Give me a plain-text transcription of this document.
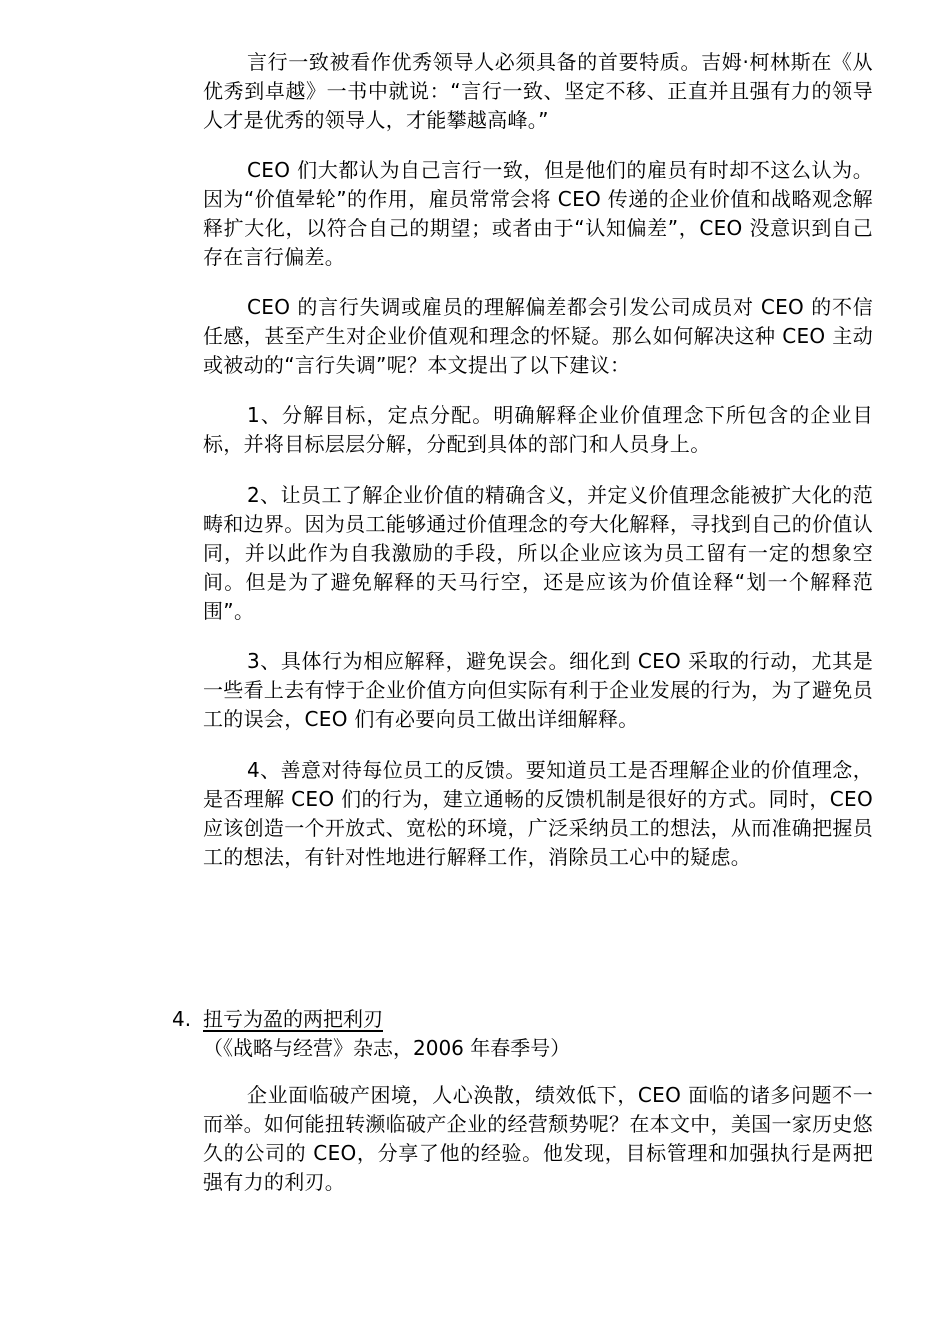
言行一致被看作优秀领导人必须具备的首要特质。吉姆·柯林斯在《从优秀到卓越》一书中就说：“言行一致、坚定不移、正直并且强有力的领导人才是优秀的领导人，才能攀越高峰。”

CEO 们大都认为自己言行一致，但是他们的雇员有时却不这么认为。因为“价值晕轮”的作用，雇员常常会将 CEO 传递的企业价值和战略观念解释扩大化，以符合自己的期望；或者由于“认知偏差”，CEO 没意识到自己存在言行偏差。

CEO 的言行失调或雇员的理解偏差都会引发公司成员对 CEO 的不信任感，甚至产生对企业价值观和理念的怀疑。那么如何解决这种 CEO 主动或被动的“言行失调”呢？本文提出了以下建议：

1、分解目标，定点分配。明确解释企业价值理念下所包含的企业目标，并将目标层层分解，分配到具体的部门和人员身上。

2、让员工了解企业价值的精确含义，并定义价值理念能被扩大化的范畴和边界。因为员工能够通过价值理念的夸大化解释，寻找到自己的价值认同，并以此作为自我激励的手段，所以企业应该为员工留有一定的想象空间。但是为了避免解释的天马行空，还是应该为价值诠释“划一个解释范围”。

3、具体行为相应解释，避免误会。细化到 CEO 采取的行动，尤其是一些看上去有悖于企业价值方向但实际有利于企业发展的行为，为了避免员工的误会，CEO 们有必要向员工做出详细解释。

4、善意对待每位员工的反馈。要知道员工是否理解企业的价值理念，是否理解 CEO 们的行为，建立通畅的反馈机制是很好的方式。同时，CEO 应该创造一个开放式、宽松的环境，广泛采纳员工的想法，从而准确把握员工的想法，有针对性地进行解释工作，消除员工心中的疑虑。

4. 扭亏为盈的两把利刃

（《战略与经营》杂志，2006 年春季号）

企业面临破产困境，人心涣散，绩效低下，CEO 面临的诸多问题不一而举。如何能扭转濒临破产企业的经营颓势呢？在本文中，美国一家历史悠久的公司的 CEO，分享了他的经验。他发现，目标管理和加强执行是两把强有力的利刃。
